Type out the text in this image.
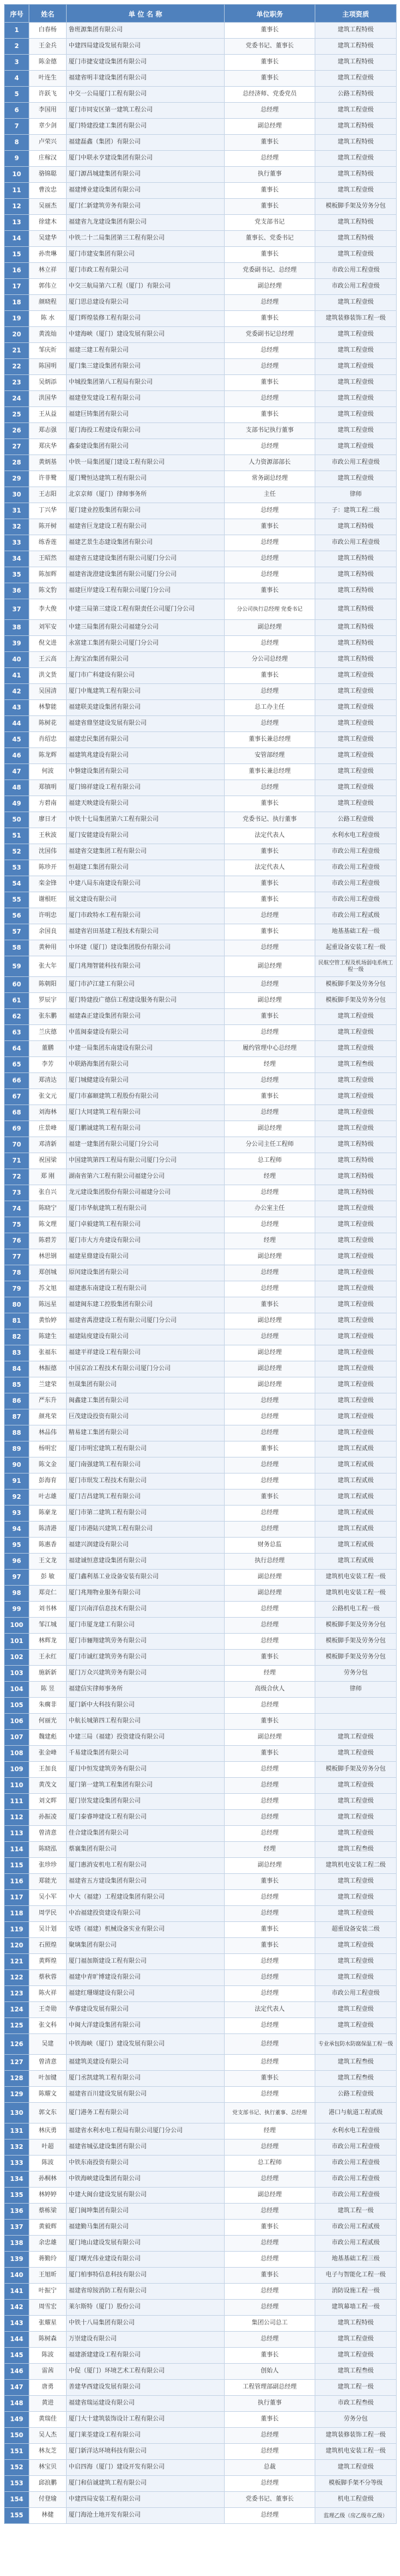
序号	姓名	单 位 名 称	单位职务	主项资质
1	白春杨	鲁班源集团有限公司	董事长	建筑工程特级
2	王金兵	中建四局建设发展有限公司	党委书记、董事长	建筑工程特级
3	陈金德	厦门市捷安建设集团有限公司	董事长	建筑工程特级
4	叶连生	福建省明丰建设集团有限公司	董事长	建筑工程壹级
5	许跃飞	中交一公局厦门工程有限公司	总经济师、党委党员	公路工程特级
6	李国用	厦门市同安区第一建筑工程公司	总经理	建筑工程壹级
7	章少剑	厦门特建投建工集团有限公司	副总经理	建筑工程特级
8	卢荣兴	福建磊鑫（集团）有限公司	董事长	建筑工程特级
9	庄稼汉	厦门中联永亨建设集团有限公司	总经理	建筑工程壹级
10	骆锦聪	厦门源昌城建集团有限公司	执行董事	建筑工程特级
11	曹汝忠	福建博业建设集团有限公司	董事长	建筑工程壹级
12	吴丽杰	厦门仁新建筑劳务有限公司	董事长	模板脚手架及劳务分包
13	徐建木	福建省九龙建设集团有限公司	党支部书记	建筑工程特级
14	吴建华	中铁二十二局集团第三工程有限公司	董事长、党委书记	建筑工程特级
15	孙贵琳	厦门市建安集团有限公司	董事长	建筑工程壹级
16	林立祥	厦门市政工程有限公司	党委副书记、总经理	市政公用工程壹级
17	郭伟立	中交三航局第六工程（厦门）有限公司	副总经理	市政公用工程壹级
18	颜晓程	厦门思总建设有限公司	总经理	建筑工程壹级
19	陈 水	厦门辉煌装修工程有限公司	董事长	建筑装修装饰工程一级
20	黄流灿	中建海峡（厦门）建设发展有限公司	党委副书记总经理	建筑工程壹级
21	邹庆炘	福建三建工程有限公司	总经理	建筑工程壹级
22	陈国明	厦门集三建设集团有限公司	总经理	建筑工程壹级
23	吴炳添	中城投集团第八工程局有限公司	董事长	建筑工程壹级
24	洪国华	福建登发建设工程有限公司	总经理	建筑工程壹级
25	王从益	福建巨铸集团有限公司	董事长	建筑工程壹级
26	郑志强	厦门海投工程建设有限公司	支部书记执行董事	建筑工程壹级
27	郑庆华	鑫泰建设集团有限公司	总经理	建筑工程壹级
28	黄炳基	中铁一局集团厦门建设工程有限公司	人力资源部部长	市政公用工程壹级
29	许菲鹭	厦门鹭恒达建筑工程有限公司	常务副总经理	建筑工程壹级
30	王志阳	北京京师（厦门）律师事务所	主任	律师
31	丁兴华	厦门建业控股集团有限公司	总经理	子：建筑工程二级
32	陈开树	福建省巨龙建设工程有限公司	董事长	建筑工程特级
33	练香莲	福建艺景生态建设集团有限公司	总经理	市政公用工程壹级
34	王昭然	福建省五建建设集团有限公司厦门分公司	总经理	建筑工程特级
35	陈加辉	福建省泷澄建设集团有限公司厦门分公司	总经理	建筑工程特级
36	陈文豹	福建巨岸建设工程有限公司厦门分公司	董事长	建筑工程特级
37	李大俊	中建三局第三建设工程有限责任公司厦门分公司	分公司执行总经理 党委书记	建筑工程特级
38	刘军安	中建三局集团有限公司福建分公司	副总经理	建筑工程特级
39	倪文进	永富建工集团有限公司厦门分公司	总经理	建筑工程特级
40	王云高	上海宝冶集团有限公司	分公司总经理	建筑工程特级
41	洪文货	厦门市广科建设有限公司	董事长	建筑工程壹级
42	吴国清	厦门中胤建筑工程有限公司	总经理	建筑工程壹级
43	林黎能	福建联美建设集团有限公司	总工办主任	建筑工程壹级
44	陈树花	福建省鼎坚建设发展有限公司	总经理	建筑工程壹级
45	肖绍忠	福建忠民集团有限公司	董事长兼总经理	建筑工程壹级
46	陈龙辉	福建筑兆建设有限公司	安管部经理	建筑工程壹级
47	何波	中磐建设集团有限公司	董事长兼总经理	建筑工程壹级
48	郑镇明	厦门锦祥建设工程有限公司	总经理	建筑工程壹级
49	方碧南	福建天映建设有限公司	董事长	建筑工程壹级
50	廖日才	中铁十七局集团第六工程有限公司	党委书记、执行董事	公路工程壹级
51	王秋波	厦门安能建设有限公司	法定代表人	水利水电工程壹级
52	沈国伟	福建省交建集团工程有限公司	董事长	市政公用工程壹级
53	陈珍开	恒超建工集团有限公司	法定代表人	市政公用工程壹级
54	栾金锋	中建八局东南建设有限公司	董事长	市政公用工程壹级
55	谢根旺	展文建设有限公司	董事长	市政公用工程壹级
56	许明忠	厦门市政特水工程有限公司	总经理	市政公用工程贰级
57	余国良	福建省岩田基建工程技术有限公司	董事长	地基基础工程一级
58	黄种用	中环建（厦门）建设集团股份有限公司	总经理	起重设备安装工程一级
59	张大年	厦门兆翔智能科技有限公司	副总经理	民航空管工程及机场弱电系统工程一级
60	陈朝阳	厦门市泸江建工有限公司	总经理	模板脚手架及劳务分包
61	罗辰宇	厦门特建投广德信工程建设服务有限公司	副总经理	模板脚手架及劳务分包
62	张东鹏	福建森正建设集团有限公司	董事长	建筑工程壹级
63	兰庆德	中蓝闽泰建设有限公司	总经理	建筑工程壹级
64	董鹏	中建一局集团东南建设有限公司	履约管理中心总经理	建筑工程壹级
65	李芳	中联路海集团有限公司	经理	建筑工程叁级
66	郑清达	厦门城健建设有限公司	总经理	建筑工程壹级
67	张文元	厦门市嘉颐建筑工程股份有限公司	董事长	建筑工程壹级
68	刘海林	厦门大同建筑工程有限公司	总经理	建筑工程壹级
69	庄景峰	厦门鹏诚建筑工程有限公司	副总经理	建筑工程壹级
70	邓清新	福建一建集团有限公司厦门分公司	分公司主任工程师	建筑工程特级
71	祝国梁	中国建筑第四工程局有限公司厦门分公司	总工程师	建筑工程特级
72	郑 刚	湖南省第六工程有限公司福建分公司	经理	建筑工程特级
73	张自兴	龙元建设集团股份有限公司福建分公司	总经理	建筑工程特级
74	陈晓宁	厦门市华航建筑工程有限公司	办公室主任	建筑工程壹级
75	陈文理	厦门卓毅建筑工程有限公司	总经理	建筑工程壹级
76	陈碧芳	厦门市大方舟建设有限公司	经理	建筑工程壹级
77	林思钢	福建星鼎建设有限公司	副总经理	建筑工程壹级
78	郑创城	原闰建设集团有限公司	总经理	建筑工程壹级
79	苏文旭	福建惠东南建设工程有限公司	总经理	建筑工程壹级
80	陈远星	福建闽东建工控股集团有限公司	董事长	建筑工程壹级
81	黄怡婷	福建省禹澄建设工程有限公司厦门分公司	副总经理	建筑工程壹级
82	陈建生	福建陆度建设有限公司	总经理	建筑工程壹级
83	张福东	福建平祥建设工程有限公司	副总经理	建筑工程壹级
84	林振德	中国京冶工程技术有限公司厦门分公司	副总经理	建筑工程壹级
85	兰建荣	恒晟集团有限公司	副总经理	建筑工程壹级
86	严东升	闽鑫建工集团有限公司	总经理	建筑工程壹级
87	颜兆荣	巨茂建设投资有限公司	总经理	建筑工程壹级
88	林品伟	精易建工集团有限公司	总经理	建筑工程壹级
89	杨明宏	厦门市明宏建筑工程有限公司	董事长	建筑工程贰级
90	陈文金	厦门南强建筑工程有限公司	总经理	建筑工程贰级
91	彭海育	厦门市珉发工程技术有限公司	总经理	建筑工程贰级
92	叶志雄	厦门吉昌建筑工程有限公司	董事长	建筑工程贰级
93	陈豪龙	厦门市第二建筑工程有限公司	总经理	建筑工程贰级
94	陈清港	厦门市港陆兴建筑工程有限公司	总经理	建筑工程贰级
95	陈惠香	福建兴润建设有限公司	财务总监	建筑工程贰级
96	王文龙	福建诚恒意建设集团有限公司	执行总经理	建筑工程贰级
97	彭 敏	厦门鑫利基工业设备安装有限公司	副总经理	建筑机电安装工程一级
98	郑竞仁	厦门兆翔物业服务有限公司	副总经理	建筑机电安装工程一级
99	刘书林	厦门兴南洋信息技术有限公司	总经理	公路机电工程一级
100	邹江城	厦门市厦龙建工有限公司	总经理	模板脚手架及劳务分包
101	林辉龙	厦门市骊翔建筑劳务有限公司	总经理	模板脚手架及劳务分包
102	王永红	厦门市诚红建筑劳务有限公司	董事长	模板脚手架及劳务分包
103	施新新	厦门万众兴建筑劳务有限公司	经理	劳务分包
104	陈 昱	福建信实律师事务所	高级合伙人	律师
105	朱瘸非	厦门新中大科技有限公司	总经理	
106	何丽光	中航长城第四工程有限公司	董事长	
107	魏建彪	中建三局（福建）投资建设有限公司	副总经理	建筑工程壹级
108	张金峰	千易建设集团有限公司	董事长	建筑工程壹级
109	王加良	厦门中恒发建筑劳务有限公司	总经理	模板脚手架及劳务分包
110	黄茂文	厦门第一建筑工程集团有限公司	总经理	建筑工程壹级
111	刘文晖	厦门崇发建设集团有限公司	总经理	建筑工程壹级
112	孙振凌	厦门泰睿坤建设工程有限公司	总经理	建筑工程壹级
113	曾清意	佳合建设集团有限公司	总经理	建筑工程壹级
114	陈晓泓	蔡襄集团有限公司	经理	建筑工程叁级
115	张珍珍	厦门惠消安机电工程有限公司	副总经理	建筑机电安装工程二级
116	郑能光	福建省五方建设集团有限公司	董事长	建筑工程壹级
117	吴小军	中大（福建）工程建设集团有限公司	总经理	建筑工程壹级
118	周学民	中冶福建投资建设有限公司	总经理	建筑工程壹级
119	吴计划	安塔（福建）机械设备实业有限公司	董事长	超重设备安装二级
120	石照煌	聚璃集团有限公司	董事长	建筑工程壹级
121	黄辉煌	厦门福加斯建设工程有限公司	总经理	建筑工程壹级
122	蔡秋蓉	福建中青旷博建设有限公司	总经理	建筑工程壹级
123	陈火祥	福建红珊瑚建设有限公司	总经理	市政公用工程壹级
124	王奇勋	华睿建设发展有限公司	法定代表人	建筑工程壹级
125	张文科	中闽大洋建设集团有限公司	总经理	建筑工程壹级
126	吴建	中铁海峡（厦门）建设发展有限公司	总经理	专业承包防水防腐保温工程一级
127	曾清意	福建筑美建设有限公司	总经理	建筑工程叁级
128	叶加键	厦门丞凯建筑工程有限公司	董事长	建筑工程叁级
129	陈耀文	福建省百川建设发展有限公司	总经理	公路工程壹级
130	郭文东	厦门港务工程有限公司	党支部书记、执行董事、总经理	港口与航道工程贰级
131	林庆勇	福建省水利水电工程局有限公司厦门分公司	经理	水利水电工程壹级
132	叶超	福建省城弘建设集团有限公司	总经理	市政公用工程壹级
133	陈波	中铁东南投资有限公司	总工程师	市政公用工程壹级
134	孙桐林	中铁海峡建设集团有限公司	总经理	市政公用工程壹级
135	林婷婷	中建大闽台建设发展有限公司	副总经理	市政公用工程壹级
136	蔡栋梁	厦门闽坤集团有限公司	总经理	建筑工程一级
137	黄毅辉	福建勤马集团有限公司	董事长	市政公用工程贰级
138	余忠雄	厦门地山建设发展有限公司	总经理	市政公用工程贰级
139	蒋勤玲	厦门曙光伟业建设有限公司	总经理	地基基础工程三级
140	王旭昕	厦门柏事特信息科技有限公司	董事长	电子与智能化工程一级
141	叶振宁	福建省琼铵消防工程有限公司	总经理	消防设施工程一级
142	周雪宏	莱尔斯特（厦门）股份公司	总经理	建筑幕墙工程一级
143	张耀星	中铁十八局集团有限公司	集团公司总工	建筑工程特级
144	陈树森	万崇建设有限公司	总经理	建筑工程壹级
145	陈波	福建浙建建设工程有限公司	董事长	建筑工程壹级
146	雷茜	中促（厦门）环境艺术工程有限公司	创始人	建筑工程叁级
147	唐勇	善建华西建设发展有限公司	工程管理部副总经理	建筑工程一级
148	黄进	福建省瑞运建设有限公司	执行董事	市政工程叁级
149	黄瑞佳	厦门大十建筑装饰设计工程有限公司	董事长	劳务分包
150	吴人杰	厦门莱荃建设工程有限公司	总经理	建筑装修装饰工程一级
151	林友芝	厦门新洋达环境科技有限公司	总经理	建筑机电安装工程一级
152	林宝贝	中启四海（厦门）建设开发有限公司	总裁	建筑工程壹级
153	邱浪鹏	厦门和信诚建筑工程有限公司	总经理	模板脚手架不分等级
154	付登瑜	中建四局安装工程有限公司	党委书记、董事长	机电工程壹级
155	林健	厦门海沧土地开发有限公司	总经理	监理乙级（房乙级市乙级）
